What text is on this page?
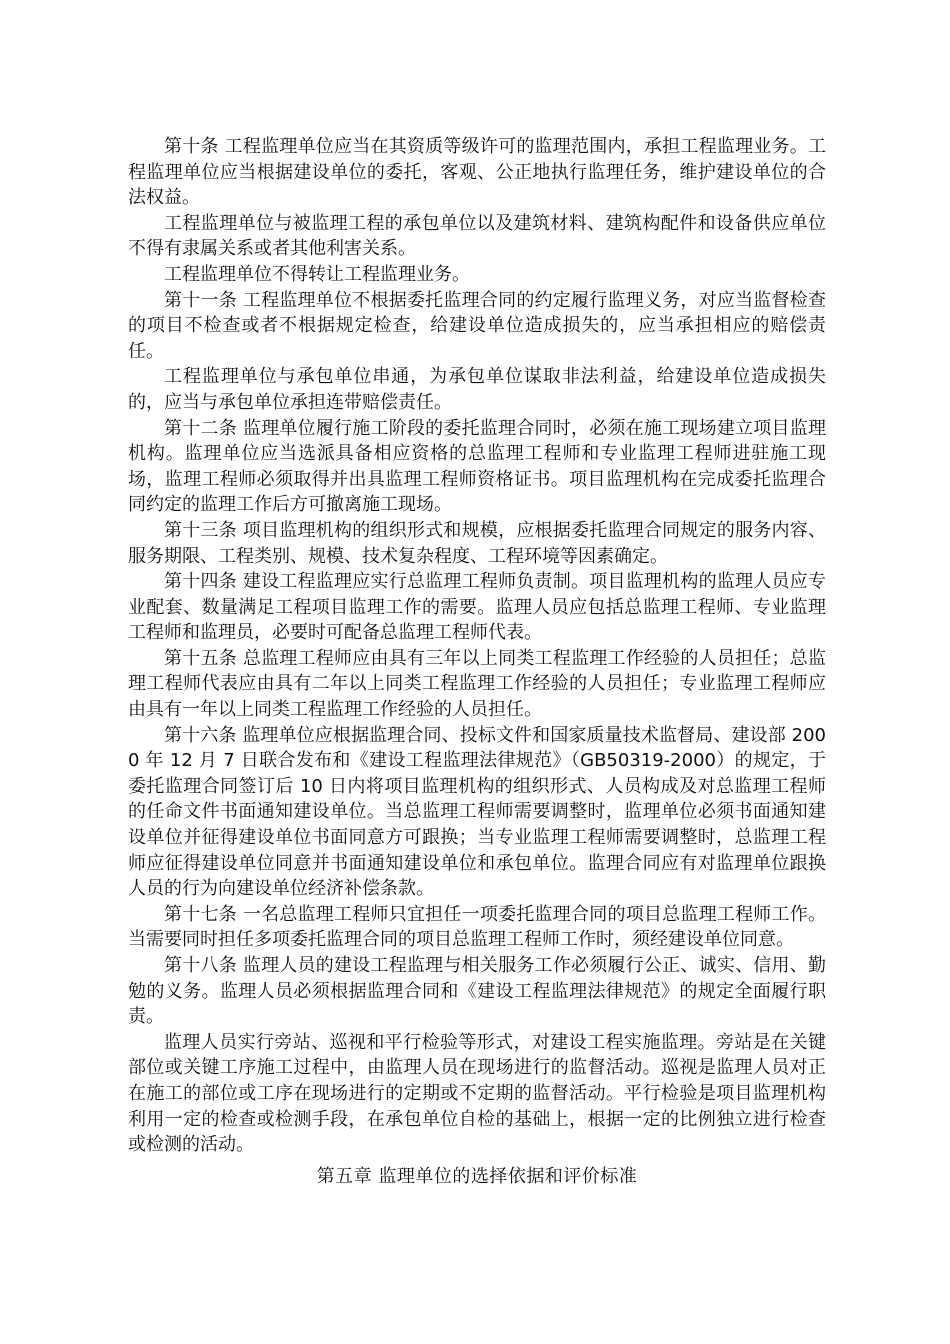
第十条 工程监理单位应当在其资质等级许可的监理范围内，承担工程监理业务。工程监理单位应当根据建设单位的委托，客观、公正地执行监理任务，维护建设单位的合法权益。

工程监理单位与被监理工程的承包单位以及建筑材料、建筑构配件和设备供应单位不得有隶属关系或者其他利害关系。

工程监理单位不得转让工程监理业务。

第十一条 工程监理单位不根据委托监理合同的约定履行监理义务，对应当监督检查的项目不检查或者不根据规定检查，给建设单位造成损失的，应当承担相应的赔偿责任。

工程监理单位与承包单位串通，为承包单位谋取非法利益，给建设单位造成损失的，应当与承包单位承担连带赔偿责任。

第十二条 监理单位履行施工阶段的委托监理合同时，必须在施工现场建立项目监理机构。监理单位应当选派具备相应资格的总监理工程师和专业监理工程师进驻施工现场，监理工程师必须取得并出具监理工程师资格证书。项目监理机构在完成委托监理合同约定的监理工作后方可撤离施工现场。

第十三条 项目监理机构的组织形式和规模，应根据委托监理合同规定的服务内容、服务期限、工程类别、规模、技术复杂程度、工程环境等因素确定。

第十四条 建设工程监理应实行总监理工程师负责制。项目监理机构的监理人员应专业配套、数量满足工程项目监理工作的需要。监理人员应包括总监理工程师、专业监理工程师和监理员，必要时可配备总监理工程师代表。

第十五条 总监理工程师应由具有三年以上同类工程监理工作经验的人员担任；总监理工程师代表应由具有二年以上同类工程监理工作经验的人员担任；专业监理工程师应由具有一年以上同类工程监理工作经验的人员担任。

第十六条 监理单位应根据监理合同、投标文件和国家质量技术监督局、建设部 2000 年 12 月 7 日联合发布和《建设工程监理法律规范》（GB50319-2000）的规定，于委托监理合同签订后 10 日内将项目监理机构的组织形式、人员构成及对总监理工程师的任命文件书面通知建设单位。当总监理工程师需要调整时，监理单位必须书面通知建设单位并征得建设单位书面同意方可跟换；当专业监理工程师需要调整时，总监理工程师应征得建设单位同意并书面通知建设单位和承包单位。监理合同应有对监理单位跟换人员的行为向建设单位经济补偿条款。

第十七条 一名总监理工程师只宜担任一项委托监理合同的项目总监理工程师工作。当需要同时担任多项委托监理合同的项目总监理工程师工作时，须经建设单位同意。

第十八条 监理人员的建设工程监理与相关服务工作必须履行公正、诚实、信用、勤勉的义务。监理人员必须根据监理合同和《建设工程监理法律规范》的规定全面履行职责。

监理人员实行旁站、巡视和平行检验等形式，对建设工程实施监理。旁站是在关键部位或关键工序施工过程中，由监理人员在现场进行的监督活动。巡视是监理人员对正在施工的部位或工序在现场进行的定期或不定期的监督活动。平行检验是项目监理机构利用一定的检查或检测手段，在承包单位自检的基础上，根据一定的比例独立进行检查或检测的活动。

第五章 监理单位的选择依据和评价标准
